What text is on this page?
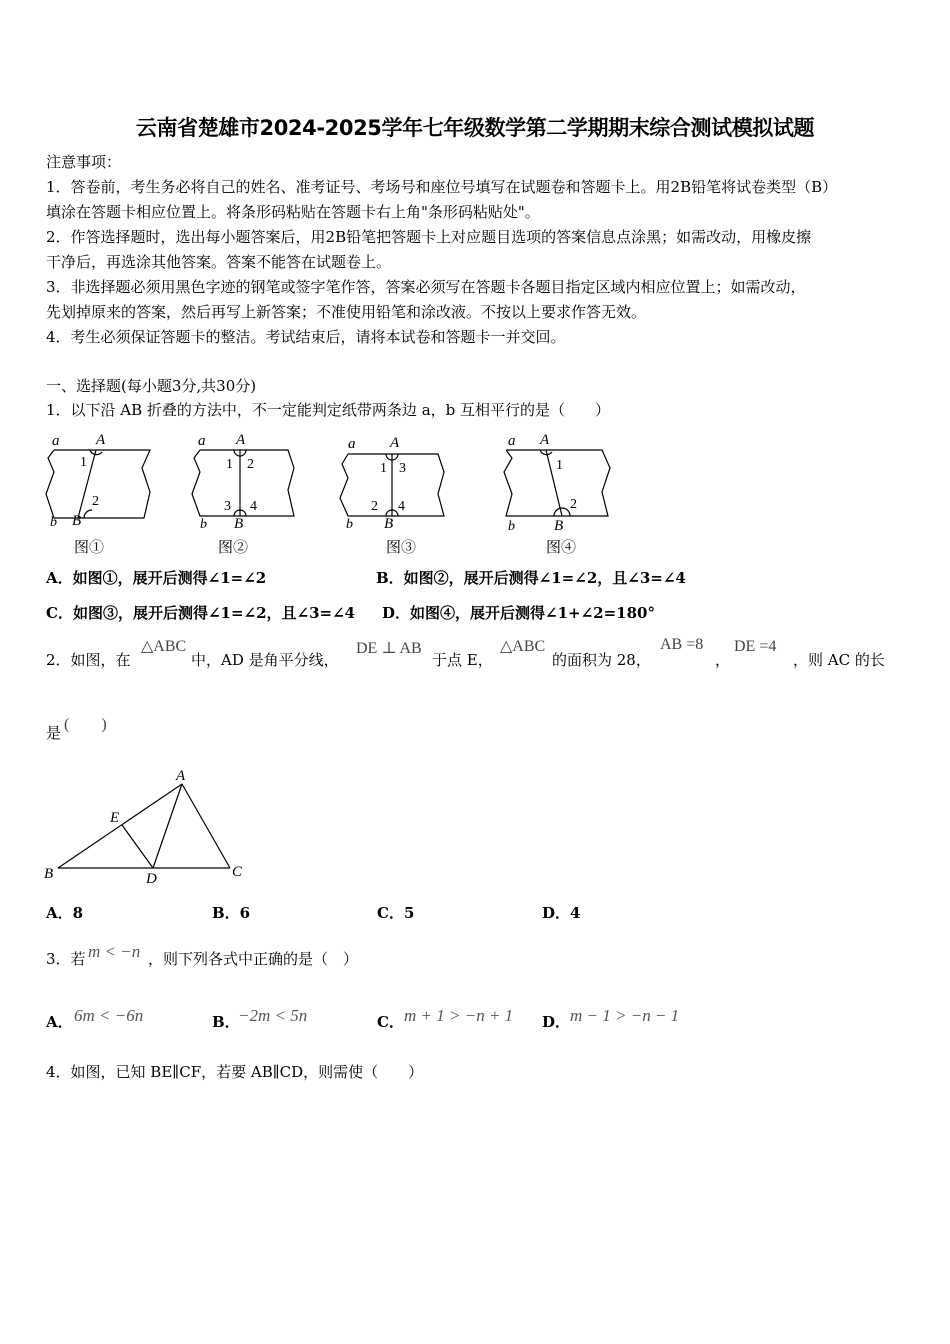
云南省楚雄市2024-2025学年七年级数学第二学期期末综合测试模拟试题
注意事项：
1．答卷前，考生务必将自己的姓名、准考证号、考场号和座位号填写在试题卷和答题卡上。用2B铅笔将试卷类型（B）
填涂在答题卡相应位置上。将条形码粘贴在答题卡右上角"条形码粘贴处"。
2．作答选择题时，选出每小题答案后，用2B铅笔把答题卡上对应题目选项的答案信息点涂黑；如需改动，用橡皮擦
干净后，再选涂其他答案。答案不能答在试题卷上。
3．非选择题必须用黑色字迹的钢笔或签字笔作答，答案必须写在答题卡各题目指定区域内相应位置上；如需改动，
先划掉原来的答案，然后再写上新答案；不准使用铅笔和涂改液。不按以上要求作答无效。
4．考生必须保证答题卡的整洁。考试结束后，请将本试卷和答题卡一并交回。
一、选择题(每小题3分,共30分)
1．以下沿 AB 折叠的方法中，不一定能判定纸带两条边 a，b 互相平行的是（　　）
a A
1
2
b B
图①
a A
1 2
3 4
b B
图②
a A
1 3
2 4
b B
图③
a A
1
2
b	B
图④
A．如图①，展开后测得∠1=∠2	B．如图②，展开后测得∠1=∠2，且∠3=∠4
C．如图③，展开后测得∠1=∠2，且∠3=∠4 D．如图④，展开后测得∠1+∠2=180°
2．如图，在
△ABC
中，AD 是角平分线，
DE ⊥ AB
于点 E，
△ABC
的面积为 28，
AB =8
，
DE =4
，则 AC 的长
是 (　　)
A
B	C
D
E
A．8	B．6	C．5	D．4
3．若 m < −n ，则下列各式中正确的是（　）
A． 6m < −6n	B．
−2m < 5n	C． m + 1 > −n + 1 D． m − 1 > −n − 1
4．如图，已知 BE∥CF，若要 AB∥CD，则需使（　　）
